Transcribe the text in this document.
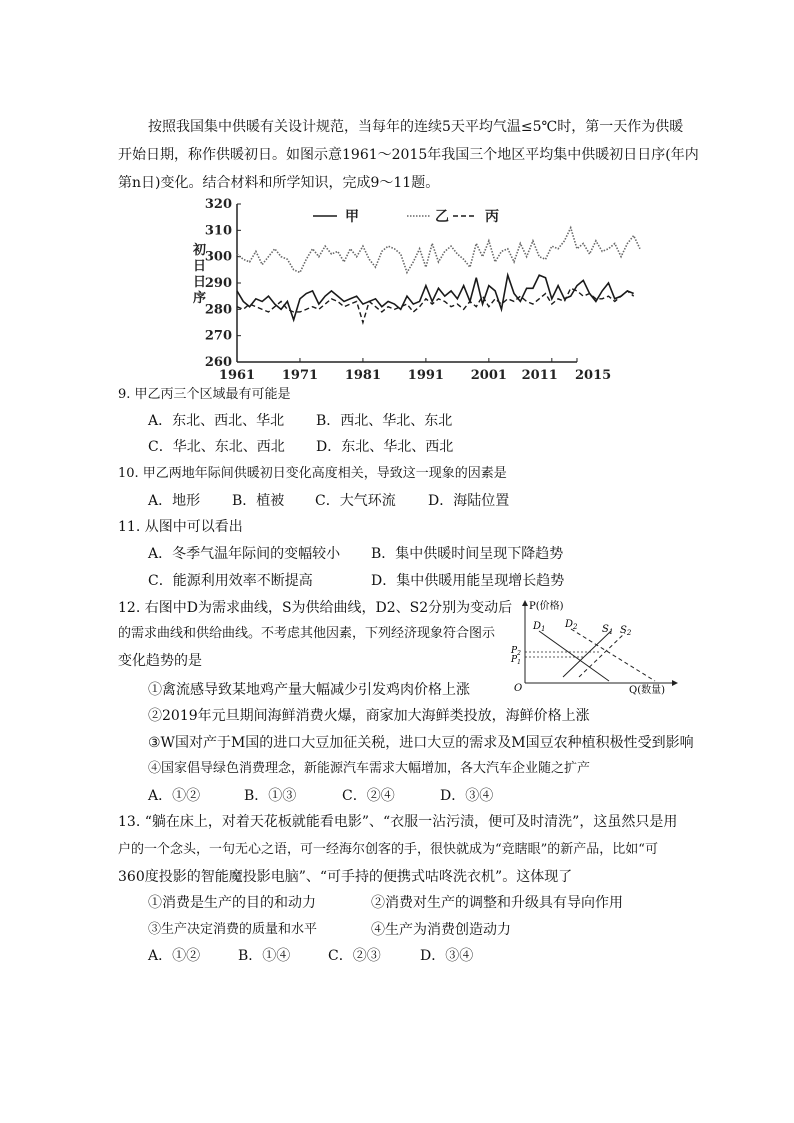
按照我国集中供暖有关设计规范，当每年的连续5天平均气温≤5℃时，第一天作为供暖

开始日期，称作供暖初日。如图示意1961～2015年我国三个地区平均集中供暖初日日序(年内

第n日)变化。结合材料和所学知识，完成9～11题。

320
310
300
290
280
270
260
1961 1971 1981 1991 2001 2011 2015
甲	乙	丙
初
日
日
序
9. 甲乙丙三个区域最有可能是
A．东北、西北、华北 B．西北、华北、东北
C．华北、东北、西北 D．东北、华北、西北
10. 甲乙两地年际间供暖初日变化高度相关，导致这一现象的因素是
A．地形 B．植被 C．大气环流 D．海陆位置
11. 从图中可以看出
A．冬季气温年际间的变幅较小 B．集中供暖时间呈现下降趋势
C．能源利用效率不断提高	D．集中供暖用能呈现增长趋势
12. 右图中D为需求曲线，S为供给曲线，D2、S2分别为变动后
的需求曲线和供给曲线。不考虑其他因素，下列经济现象符合图示
变化趋势的是
①禽流感导致某地鸡产量大幅减少引发鸡肉价格上涨
②2019年元旦期间海鲜消费火爆，商家加大海鲜类投放，海鲜价格上涨
③W国对产于M国的进口大豆加征关税，进口大豆的需求及M国豆农种植积极性受到影响
④国家倡导绿色消费理念，新能源汽车需求大幅增加，各大汽车企业随之扩产
A．①②	B．①③	C．②④	D．③④
P(价格)
Q(数量)
O
$D_1$ $D_2$ $S_1$ $S_2$
$P_2$
$P_1$
13. “躺在床上，对着天花板就能看电影”、“衣服一沾污渍，便可及时清洗”，这虽然只是用
户的一个念头，一句无心之语，可一经海尔创客的手，很快就成为“竞瞎眼”的新产品，比如“可
360度投影的智能魔投影电脑”、“可手持的便携式咕咚洗衣机”。这体现了
①消费是生产的目的和动力	②消费对生产的调整和升级具有导向作用
③生产决定消费的质量和水平	④生产为消费创造动力
A．①②	B．①④	C．②③	D．③④
